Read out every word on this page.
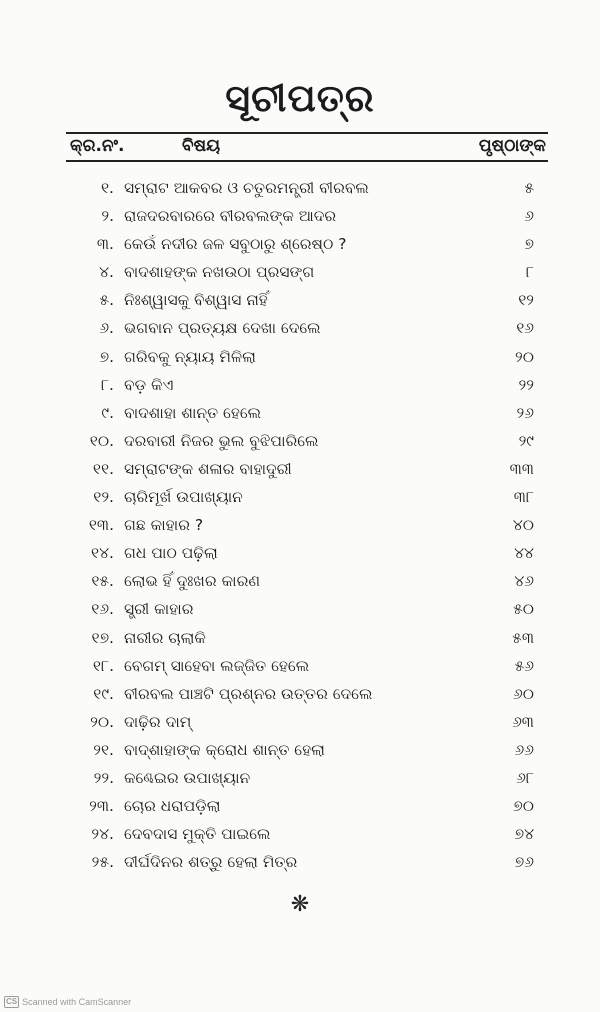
ସୂଚୀପତ୍ର
କ୍ର.ନଂ.	ବିଷୟ	ପୃଷ୍ଠାଙ୍କ
୧. ସମ୍ରାଟ ଆକବର ଓ ଚତୁରମନ୍ତ୍ରୀ ବୀରବଲ	୫
୨. ରାଜଦରବାରରେ ବୀରବଲଙ୍କ ଆଦର	୬
୩. କେଉଁ ନଦୀର ଜଳ ସବୁଠାରୁ ଶ୍ରେଷ୍ଠ ?	୭
୪. ବାଦଶାହଙ୍କ ନଖଉଠା ପ୍ରସଙ୍ଗ	୮
୫. ନିଃଶ୍ୱାସକୁ ବିଶ୍ୱାସ ନାହିଁ	୧୨
୬. ଭଗବାନ ପ୍ରତ୍ୟକ୍ଷ ଦେଖା ଦେଲେ	୧୬
୭. ଗରିବକୁ ନ୍ୟାୟ ମିଳିଲା	୨୦
୮. ବଡ଼ କିଏ	୨୨
୯. ବାଦଶାହା ଶାନ୍ତ ହେଲେ	୨୬
୧୦. ଦରବାରୀ ନିଜର ଭୁଲ ବୁଝିପାରିଲେ	୨୯
୧୧. ସମ୍ରାଟଙ୍କ ଶଳାର ବାହାଦୁରୀ	୩୩
୧୨. ଚାରିମୂର୍ଖ ଉପାଖ୍ୟାନ	୩୮
୧୩. ଗଛ କାହାର ?	୪୦
୧୪. ଗଧ ପାଠ ପଢ଼ିଲା	୪୪
୧୫. ଲୋଭ ହିଁ ଦୁଃଖର କାରଣ	୪୬
୧୬. ସ୍ତ୍ରୀ କାହାର	୫୦
୧୭. ନାରୀର ଚାଲାକି	୫୩
୧୮. ବେଗମ୍ ସାହେବା ଲଜ୍ଜିତ ହେଲେ	୫୬
୧୯. ବୀରବଲ ପାଞ୍ଚଟି ପ୍ରଶ୍ନର ଉତ୍ତର ଦେଲେ	୬୦
୨୦. ଦାଢ଼ିର ଦାମ୍	୬୩
୨୧. ବାଦ୍‌ଶାହାଙ୍କ କ୍ରୋଧ ଶାନ୍ତ ହେଲା	୬୬
୨୨. କଣ୍ଢେଇର ଉପାଖ୍ୟାନ	୬୮
୨୩. ଚୋର ଧରାପଡ଼ିଲା	୭୦
୨୪. ଦେବଦାସ ମୁକ୍ତି ପାଇଲେ	୭୪
୨୫. ଦୀର୍ଘଦିନର ଶତ୍ରୁ ହେଲା ମିତ୍ର	୭୬
❋
CS Scanned with CamScanner
